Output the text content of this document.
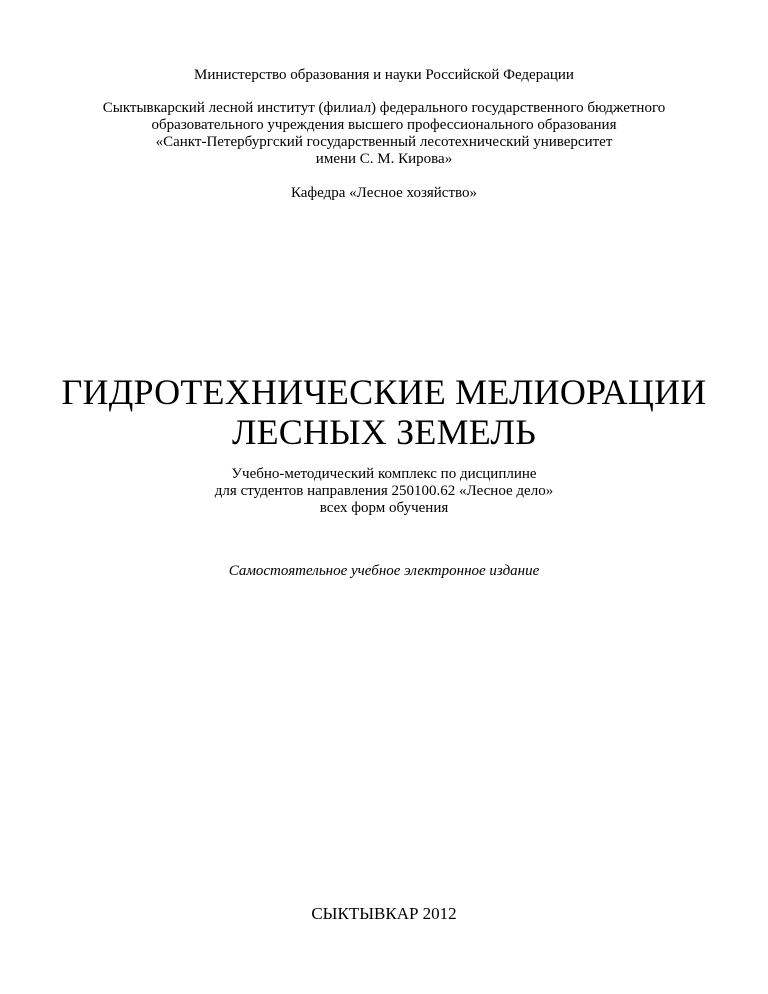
Министерство образования и науки Российской Федерации
Сыктывкарский лесной институт (филиал) федерального государственного бюджетного
образовательного учреждения высшего профессионального образования
«Санкт-Петербургский государственный лесотехнический университет
имени С. М. Кирова»
Кафедра «Лесное хозяйство»
ГИДРОТЕХНИЧЕСКИЕ МЕЛИОРАЦИИ
ЛЕСНЫХ ЗЕМЕЛЬ
Учебно-методический комплекс по дисциплине
для студентов направления 250100.62 «Лесное дело»
всех форм обучения
Самостоятельное учебное электронное издание
СЫКТЫВКАР 2012
